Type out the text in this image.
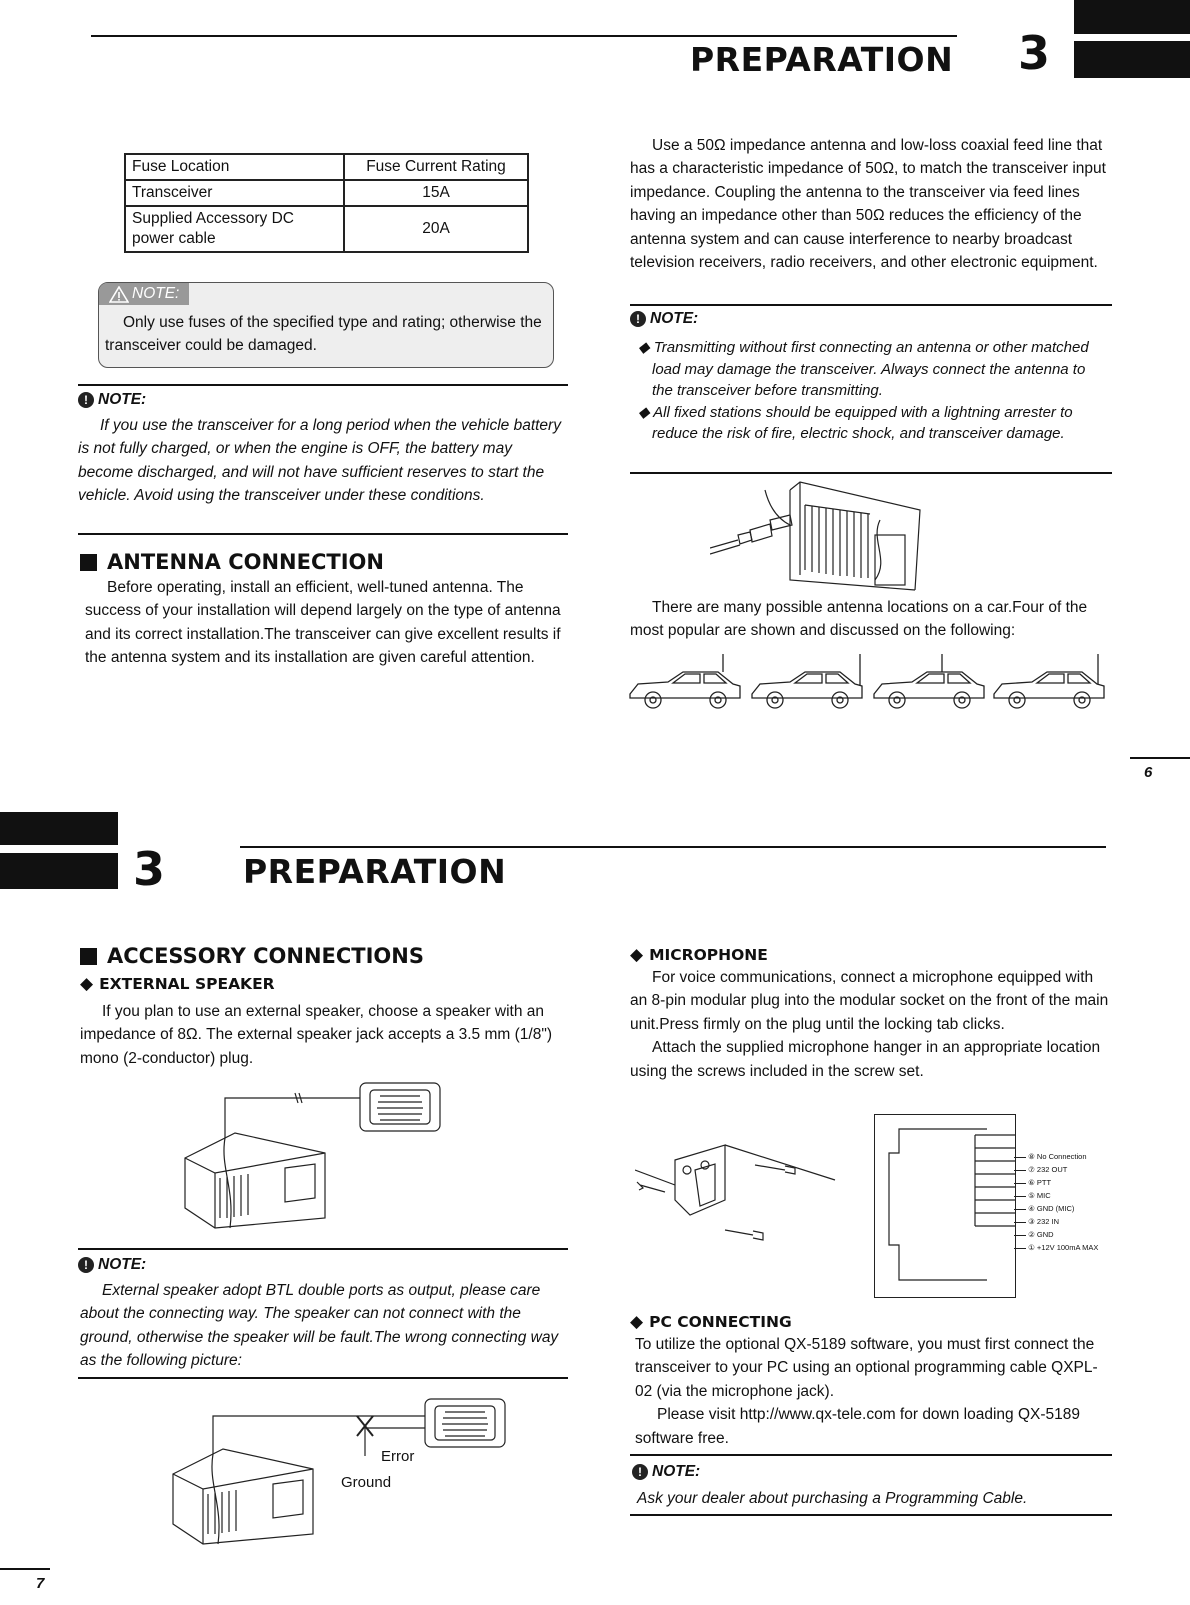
PREPARATION 3
Fuse Location	Fuse Current Rating
Transceiver	15A
Supplied Accessory DC power cable	20A
NOTE:
Only use fuses of the specified type and rating; otherwise the transceiver could be damaged.
! NOTE:
If you use the transceiver for a long period when the vehicle battery is not fully charged, or when the engine is OFF, the battery may become discharged, and will not have sufficient reserves to start the vehicle. Avoid using the transceiver under these conditions.
ANTENNA CONNECTION
Before operating, install an efficient, well-tuned antenna. The success of your installation will depend largely on the type of antenna and its correct installation.The transceiver can give excellent results if the antenna system and its installation are given careful attention.
Use a 50Ω impedance antenna and low-loss coaxial feed line that has a characteristic impedance of 50Ω, to match the transceiver input impedance. Coupling the antenna to the transceiver via feed lines having an impedance other than 50Ω reduces the efficiency of the antenna system and can cause interference to nearby broadcast television receivers, radio receivers, and other electronic equipment.
! NOTE:
◆ Transmitting without first connecting an antenna or other matched load may damage the transceiver. Always connect the antenna to the transceiver before transmitting.
◆ All fixed stations should be equipped with a lightning arrester to reduce the risk of fire, electric shock, and transceiver damage.
There are many possible antenna locations on a car.Four of the most popular are shown and discussed on the following:
6
3 PREPARATION
ACCESSORY CONNECTIONS
◆ EXTERNAL SPEAKER
If you plan to use an external speaker, choose a speaker with an impedance of 8Ω. The external speaker jack accepts a 3.5 mm (1/8") mono (2-conductor) plug.
! NOTE:
External speaker adopt BTL double ports as output, please care about the connecting way. The speaker can not connect with the ground, otherwise the speaker will be fault.The wrong connecting way as the following picture:
Error
Ground
7
◆ MICROPHONE

For voice communications, connect a microphone equipped with an 8-pin modular plug into the modular socket on the front of the main unit.Press firmly on the plug until the locking tab clicks.

Attach the supplied microphone hanger in an appropriate location using the screws included in the screw set.

⑧ No Connection
⑦ 232 OUT
⑥ PTT
⑤ MIC
④ GND (MIC)
③ 232 IN
② GND
① +12V 100mA MAX
◆ PC CONNECTING

To utilize the optional QX-5189 software, you must first connect the transceiver to your PC using an optional programming cable QXPL-02 (via the microphone jack).

Please visit http://www.qx-tele.com for down loading QX-5189 software free.

! NOTE:
Ask your dealer about purchasing a Programming Cable.
